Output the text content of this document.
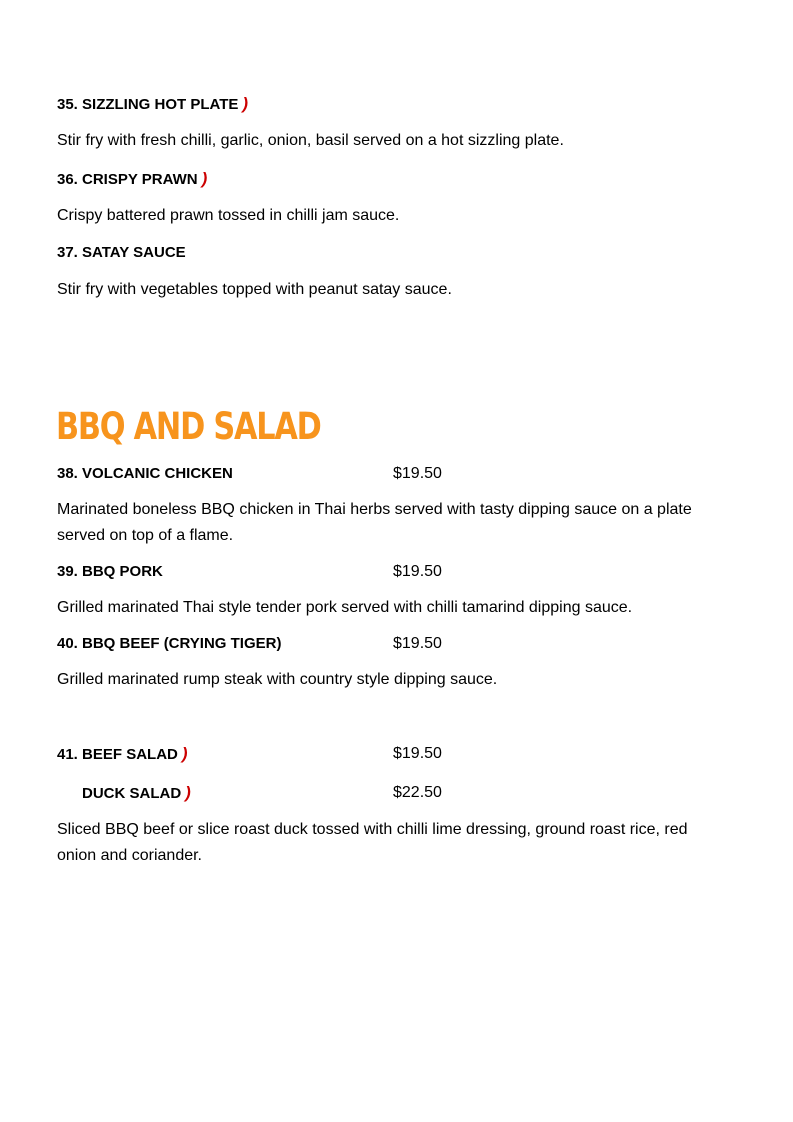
35. SIZZLING HOT PLATE )
Stir fry with fresh chilli, garlic, onion, basil served on a hot sizzling plate.
36. CRISPY PRAWN )
Crispy battered prawn tossed in chilli jam sauce.
37. SATAY SAUCE
Stir fry with vegetables topped with peanut satay sauce.
BBQ AND SALAD
38. VOLCANIC CHICKEN	$19.50
Marinated boneless BBQ chicken in Thai herbs served with tasty dipping sauce on a plate served on top of a flame.
39. BBQ PORK	$19.50
Grilled marinated Thai style tender pork served with chilli tamarind dipping sauce.
40. BBQ BEEF (CRYING TIGER)	$19.50
Grilled marinated rump steak with country style dipping sauce.
41. BEEF SALAD )	$19.50
DUCK SALAD )	$22.50
Sliced BBQ beef or slice roast duck tossed with chilli lime dressing, ground roast rice, red onion and coriander.
